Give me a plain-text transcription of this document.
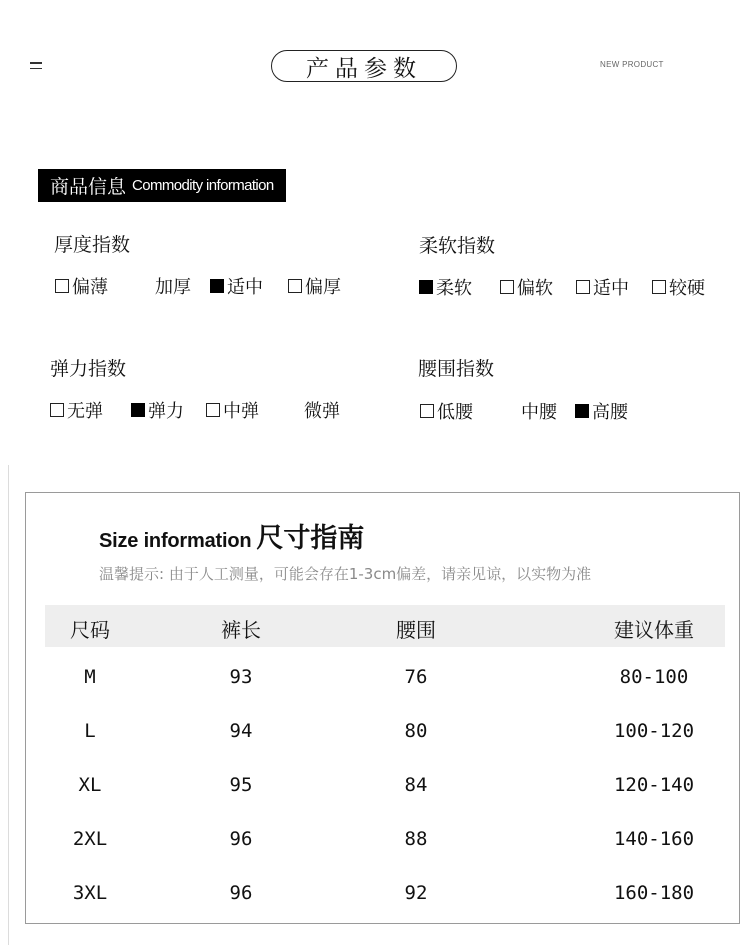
产品参数	NEW PRODUCT
商品信息 Commodity information
厚度指数
偏薄	加厚 适中 偏厚
柔软指数
柔软	偏软 适中 较硬
弹力指数
无弹	弹力 中弹	微弹
腰围指数
低腰	中腰 高腰
Size information 尺寸指南
温馨提示: 由于人工测量，可能会存在1-3cm偏差，请亲见谅，以实物为准
尺码	裤长	腰围	建议体重
M	93	76	80-100
L	94	80	100-120
XL	95	84	120-140
2XL	96	88	140-160
3XL	96	92	160-180
